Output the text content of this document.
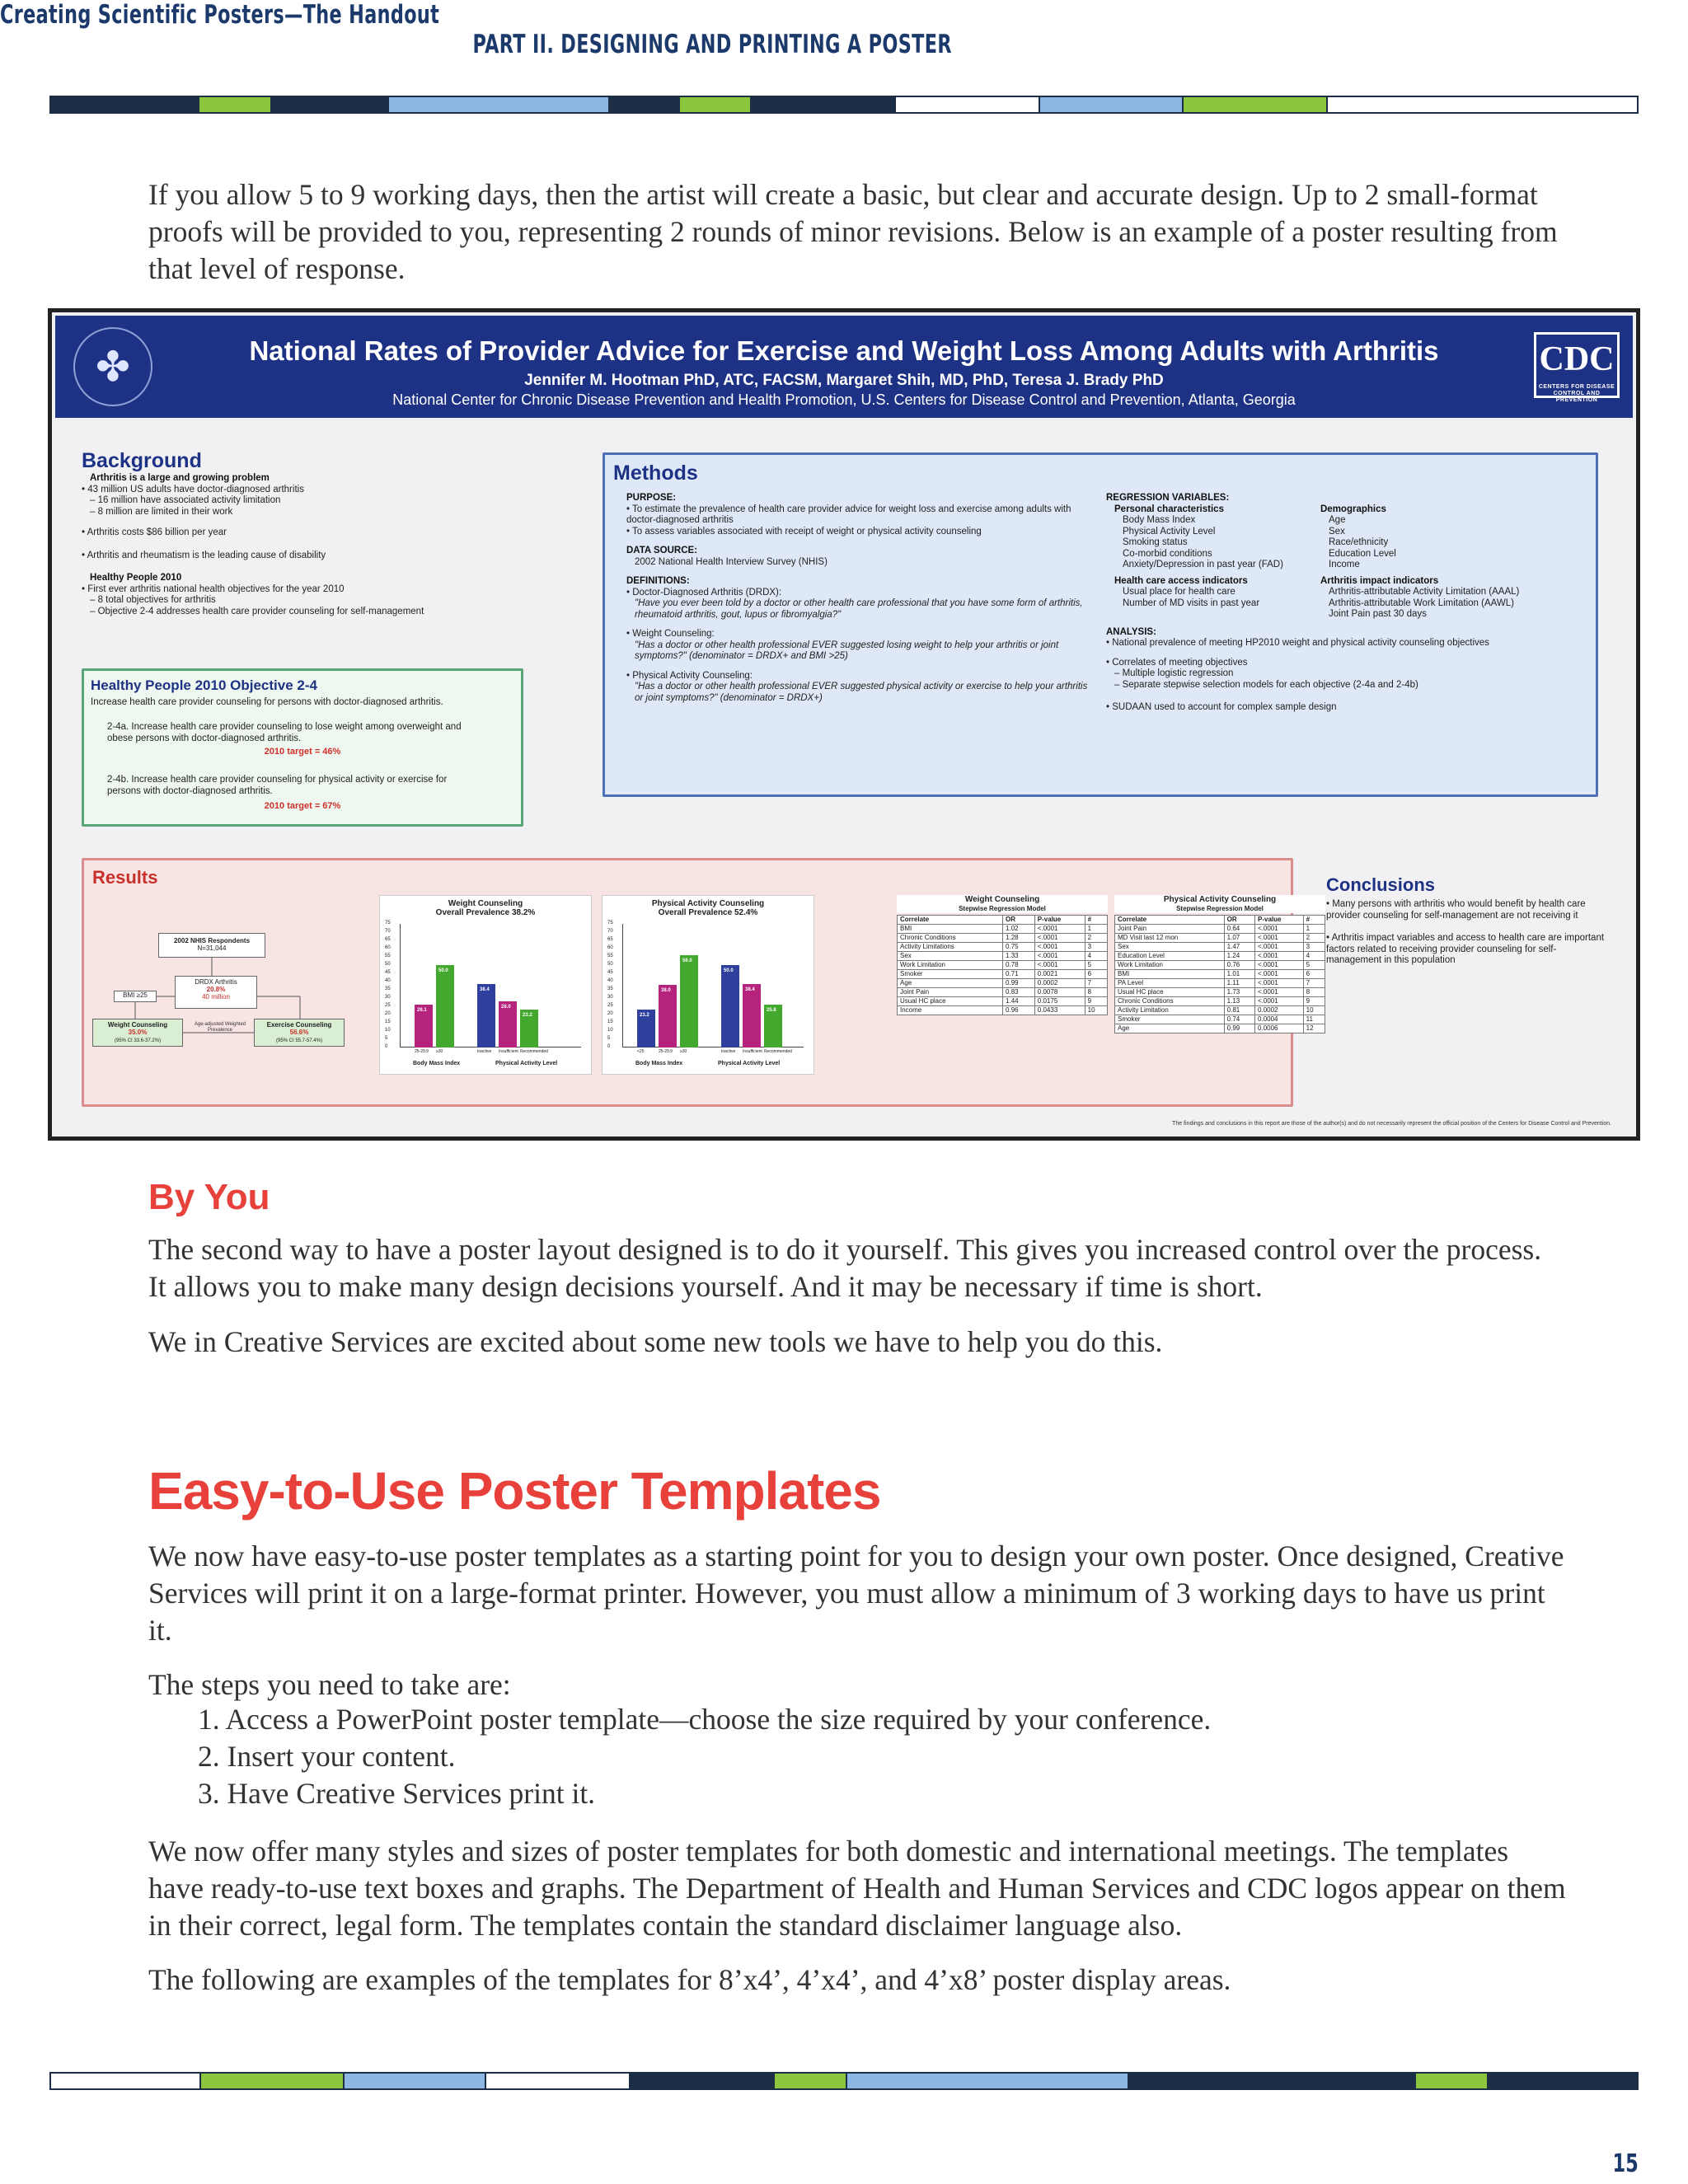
Creating Scientific Posters—The Handout
PART II. DESIGNING AND PRINTING A POSTER

If you allow 5 to 9 working days, then the artist will create a basic, but clear and accurate design. Up to 2 small-format proofs will be provided to you, representing 2 rounds of minor revisions. Below is an example of a poster resulting from that level of response.

✤	National Rates of Provider Advice for Exercise and Weight Loss Among Adults with Arthritis
Jennifer M. Hootman PhD, ATC, FACSM, Margaret Shih, MD, PhD, Teresa J. Brady PhD
National Center for Chronic Disease Prevention and Health Promotion, U.S. Centers for Disease Control and Prevention, Atlanta, Georgia
CDC
CENTERS FOR DISEASE CONTROL AND PREVENTION
Background
Arthritis is a large and growing problem
• 43 million US adults have doctor-diagnosed arthritis
– 16 million have associated activity limitation
– 8 million are limited in their work
• Arthritis costs $86 billion per year
• Arthritis and rheumatism is the leading cause of disability
Healthy People 2010
• First ever arthritis national health objectives for the year 2010
– 8 total objectives for arthritis
– Objective 2-4 addresses health care provider counseling for self-management
Healthy People 2010 Objective 2-4
Increase health care provider counseling for persons with doctor-diagnosed arthritis.
2-4a. Increase health care provider counseling to lose weight among overweight and obese persons with doctor-diagnosed arthritis.
2010 target = 46%
2-4b. Increase health care provider counseling for physical activity or exercise for persons with doctor-diagnosed arthritis.
2010 target = 67%
Methods
PURPOSE:
• To estimate the prevalence of health care provider advice for weight loss and exercise among adults with doctor-diagnosed arthritis
• To assess variables associated with receipt of weight or physical activity counseling
DATA SOURCE:
2002 National Health Interview Survey (NHIS)
DEFINITIONS:
• Doctor-Diagnosed Arthritis (DRDX):
"Have you ever been told by a doctor or other health care professional that you have some form of arthritis, rheumatoid arthritis, gout, lupus or fibromyalgia?"
• Weight Counseling:
"Has a doctor or other health professional EVER suggested losing weight to help your arthritis or joint symptoms?" (denominator = DRDX+ and BMI >25)
• Physical Activity Counseling:
"Has a doctor or other health professional EVER suggested physical activity or exercise to help your arthritis or joint symptoms?" (denominator = DRDX+)
REGRESSION VARIABLES:
Personal characteristics
Body Mass Index
Physical Activity Level
Smoking status
Co-morbid conditions
Anxiety/Depression in past year (FAD)
Health care access indicators
Usual place for health care
Number of MD visits in past year
Demographics
Age
Sex
Race/ethnicity
Education Level
Income
Arthritis impact indicators
Arthritis-attributable Activity Limitation (AAAL)
Arthritis-attributable Work Limitation (AAWL)
Joint Pain past 30 days
ANALYSIS:
• National prevalence of meeting HP2010 weight and physical activity counseling objectives
• Correlates of meeting objectives
– Multiple logistic regression
– Separate stepwise selection models for each objective (2-4a and 2-4b)
• SUDAAN used to account for complex sample design
Results
2002 NHIS Respondents
N=31,044
DRDX Arthritis
20.8%
40 million
BMI ≥25
Weight Counseling
35.0%
(95% CI 33.6-37.2%)
Age-adjusted Weighted Prevalence
Exercise Counseling
56.6%
(95% CI 55.7-57.4%)
Weight Counseling
Overall Prevalence 38.2%
Body Mass Index	Physical Activity Level
0
5
10
15
20
25
30
35
40
45
50
55
60
65
70
75
26.1
25-29.9
50.0
≥30
38.4
Inactive
28.0
Insufficient
23.2
Recommended
Physical Activity Counseling
Overall Prevalence 52.4%
Body Mass Index	Physical Activity Level
0
5
10
15
20
25
30
35
40
45
50
55
60
65
70
75
23.2
<25
38.0
25-29.9
56.0
≥30
50.0
Inactive
38.4
Insufficient
25.8
Recommended
Weight Counseling
Stepwise Regression Model
Correlate	OR	P-value	#
BMI	1.02	<.0001	1
Chronic Conditions	1.28	<.0001	2
Activity Limitations	0.75	<.0001	3
Sex	1.33	<.0001	4
Work Limitation	0.78	<.0001	5
Smoker	0.71	0.0021	6
Age	0.99	0.0002	7
Joint Pain	0.83	0.0078	8
Usual HC place	1.44	0.0175	9
Income	0.96	0.0433	10
Physical Activity Counseling
Stepwise Regression Model
Correlate	OR	P-value	#
Joint Pain	0.64	<.0001	1
MD Visit last 12 mon	1.07	<.0001	2
Sex	1.47	<.0001	3
Education Level	1.24	<.0001	4
Work Limitation	0.76	<.0001	5
BMI	1.01	<.0001	6
PA Level	1.11	<.0001	7
Usual HC place	1.73	<.0001	8
Chronic Conditions	1.13	<.0001	9
Activity Limitation	0.81	0.0002	10
Smoker	0.74	0.0004	11
Age	0.99	0.0006	12
Conclusions
• Many persons with arthritis who would benefit by health care provider counseling for self-management are not receiving it
• Arthritis impact variables and access to health care are important factors related to receiving provider counseling for self-management in this population
The findings and conclusions in this report are those of the author(s) and do not necessarily represent the official position of the Centers for Disease Control and Prevention.
By You

The second way to have a poster layout designed is to do it yourself. This gives you increased control over the process. It allows you to make many design decisions yourself. And it may be necessary if time is short.

We in Creative Services are excited about some new tools we have to help you do this.

Easy-to-Use Poster Templates

We now have easy-to-use poster templates as a starting point for you to design your own poster. Once designed, Creative Services will print it on a large-format printer. However, you must allow a minimum of 3 working days to have us print it.

The steps you need to take are:

1. Access a PowerPoint poster template—choose the size required by your conference.
2. Insert your content.
3. Have Creative Services print it.

We now offer many styles and sizes of poster templates for both domestic and international meetings. The templates have ready-to-use text boxes and graphs. The Department of Health and Human Services and CDC logos appear on them in their correct, legal form. The templates contain the standard disclaimer language also.

The following are examples of the templates for 8’x4’, 4’x4’, and 4’x8’ poster display areas.

15
